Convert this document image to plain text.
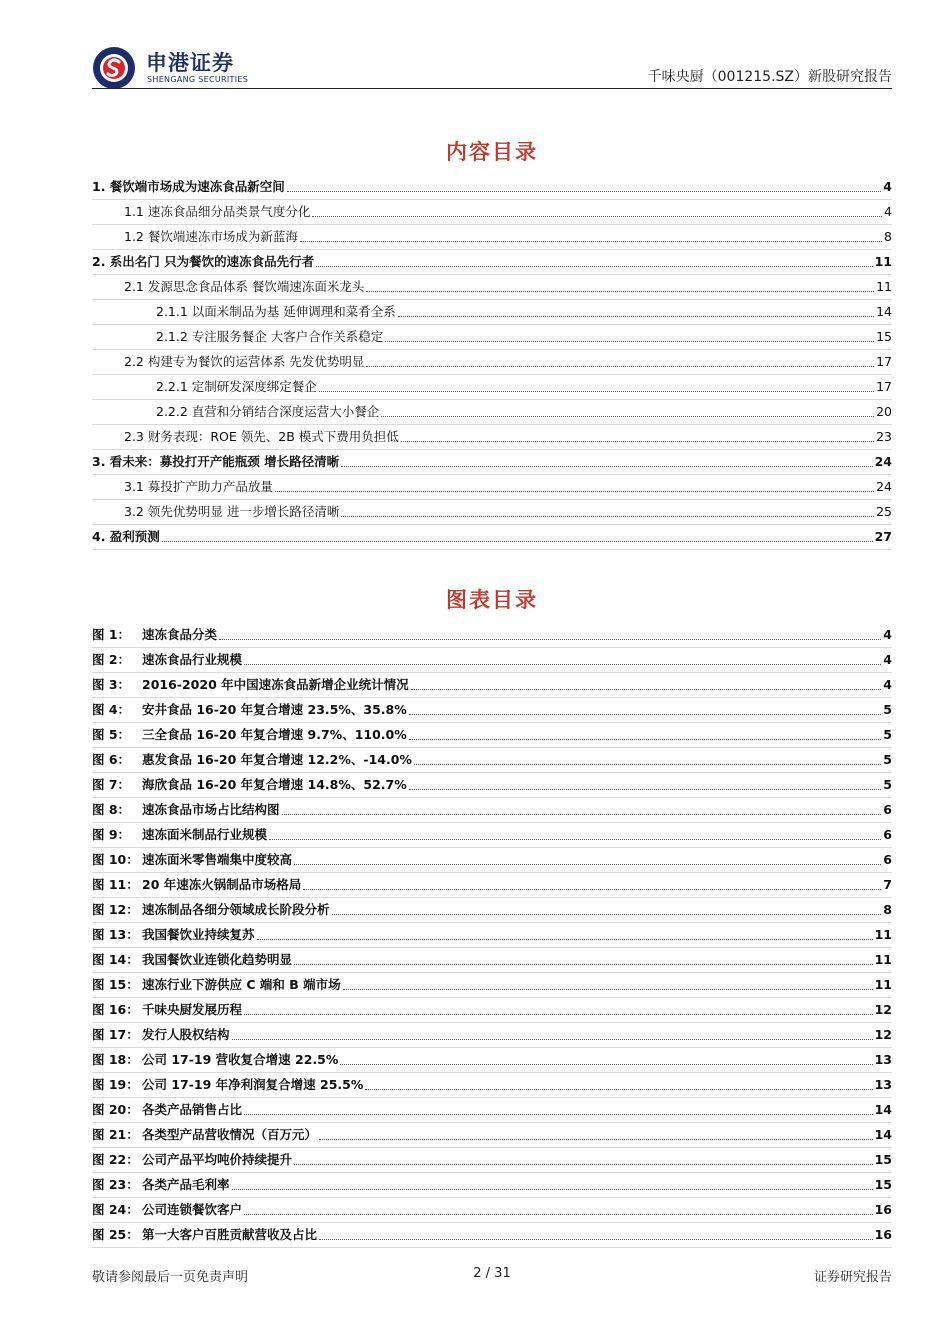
申港证券
SHENGANG SECURITIES	千味央厨（001215.SZ）新股研究报告
内容目录
1. 餐饮端市场成为速冻食品新空间	4
1.1 速冻食品细分品类景气度分化	4
1.2 餐饮端速冻市场成为新蓝海	8
2. 系出名门 只为餐饮的速冻食品先行者	11
2.1 发源思念食品体系 餐饮端速冻面米龙头	11
2.1.1 以面米制品为基 延伸调理和菜肴全系	14
2.1.2 专注服务餐企 大客户合作关系稳定	15
2.2 构建专为餐饮的运营体系 先发优势明显	17
2.2.1 定制研发深度绑定餐企	17
2.2.2 直营和分销结合深度运营大小餐企	20
2.3 财务表现：ROE 领先、2B 模式下费用负担低	23
3. 看未来：募投打开产能瓶颈 增长路径清晰	24
3.1 募投扩产助力产品放量	24
3.2 领先优势明显 进一步增长路径清晰	25
4. 盈利预测	27
图表目录
图 1： 速冻食品分类	4
图 2： 速冻食品行业规模	4
图 3： 2016-2020 年中国速冻食品新增企业统计情况	4
图 4： 安井食品 16-20 年复合增速 23.5%、35.8%	5
图 5： 三全食品 16-20 年复合增速 9.7%、110.0%	5
图 6： 惠发食品 16-20 年复合增速 12.2%、-14.0%	5
图 7： 海欣食品 16-20 年复合增速 14.8%、52.7%	5
图 8： 速冻食品市场占比结构图	6
图 9： 速冻面米制品行业规模	6
图 10： 速冻面米零售端集中度较高	6
图 11： 20 年速冻火锅制品市场格局	7
图 12： 速冻制品各细分领域成长阶段分析	8
图 13： 我国餐饮业持续复苏	11
图 14： 我国餐饮业连锁化趋势明显	11
图 15： 速冻行业下游供应 C 端和 B 端市场	11
图 16： 千味央厨发展历程	12
图 17： 发行人股权结构	12
图 18： 公司 17-19 营收复合增速 22.5%	13
图 19： 公司 17-19 年净利润复合增速 25.5%	13
图 20： 各类产品销售占比	14
图 21： 各类型产品营收情况（百万元）	14
图 22： 公司产品平均吨价持续提升	15
图 23： 各类产品毛利率	15
图 24： 公司连锁餐饮客户	16
图 25： 第一大客户百胜贡献营收及占比	16
敬请参阅最后一页免责声明	2 / 31	证券研究报告
